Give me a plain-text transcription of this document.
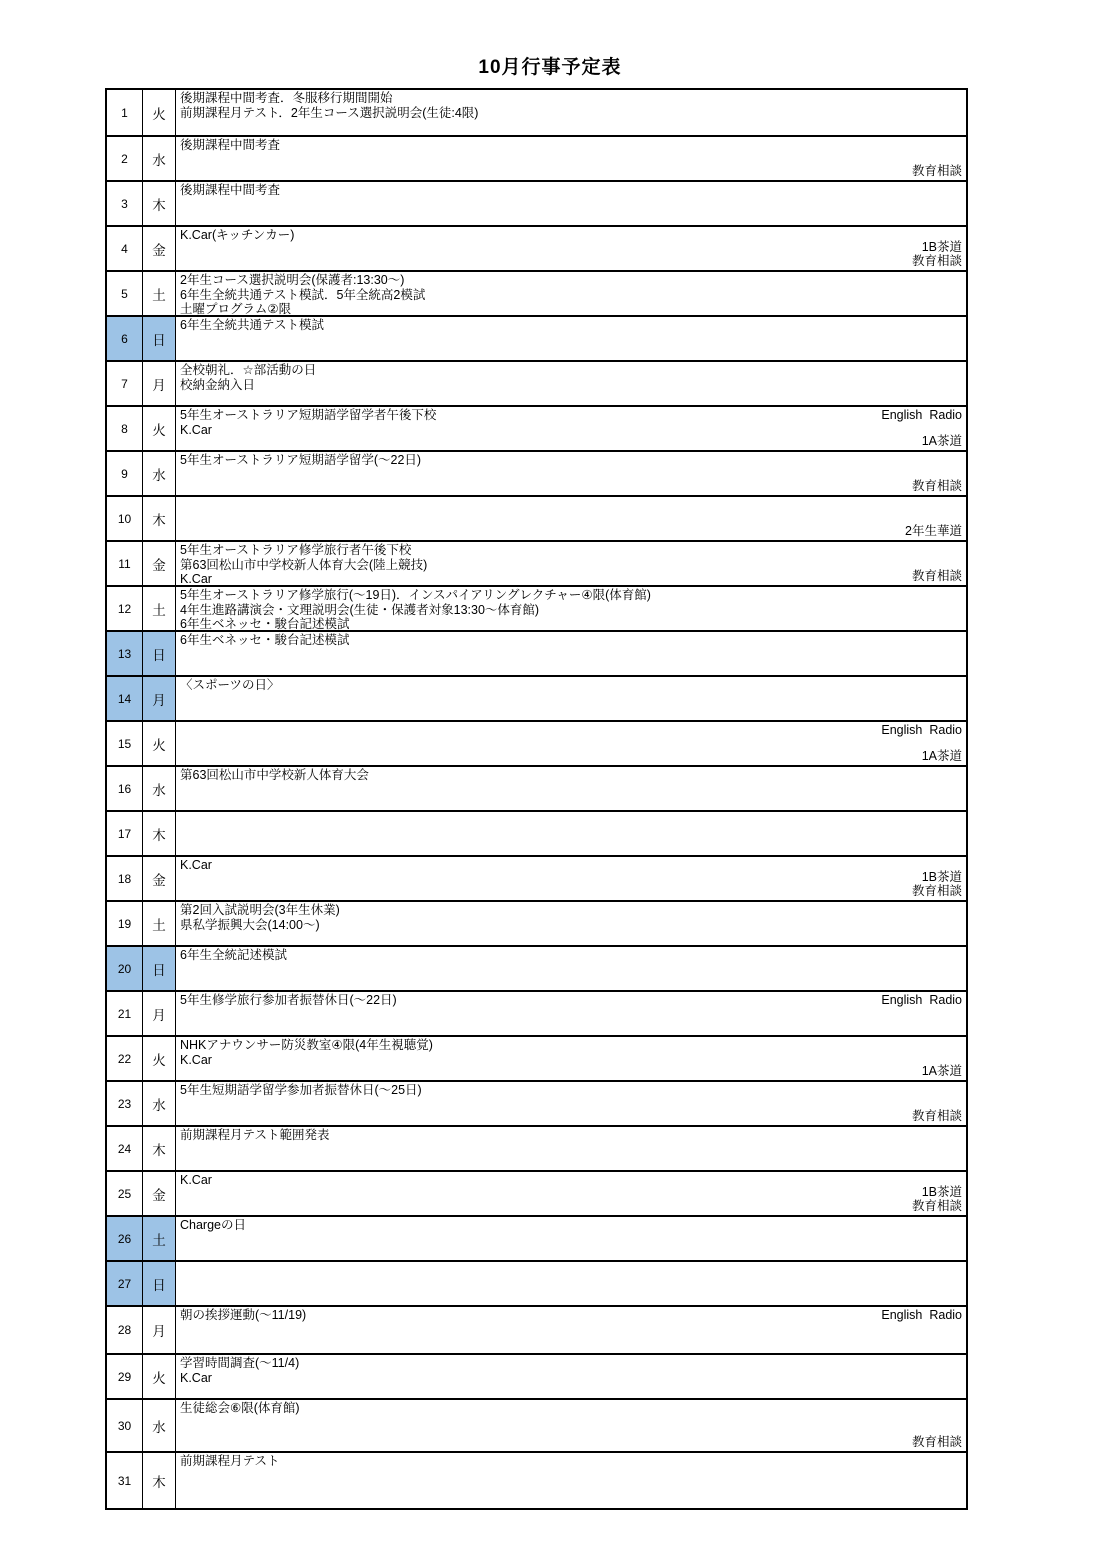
10月行事予定表
1 火
後期課程中間考査．冬服移行期間開始
前期課程月テスト．2年生コース選択説明会(生徒:4限)
2 水
後期課程中間考査
教育相談
3 木
後期課程中間考査
4 金
K.Car(キッチンカー)
1B茶道
教育相談
5 土
2年生コース選択説明会(保護者:13:30～)
6年生全統共通テスト模試．5年全統高2模試
土曜プログラム②限
6 日
6年生全統共通テスト模試
7 月
全校朝礼．☆部活動の日
校納金納入日
8 火
5年生オーストラリア短期語学留学者午後下校
K.Car
English  Radio
1A茶道
9 水
5年生オーストラリア短期語学留学(～22日)
教育相談
10 木
2年生華道
11 金
5年生オーストラリア修学旅行者午後下校
第63回松山市中学校新人体育大会(陸上競技)
K.Car	教育相談
12 土
5年生オーストラリア修学旅行(～19日)．インスパイアリングレクチャー④限(体育館)
4年生進路講演会・文理説明会(生徒・保護者対象13:30～体育館)
6年生ベネッセ・駿台記述模試
13 日
6年生ベネッセ・駿台記述模試
14 月
〈スポーツの日〉
15 火
English  Radio
1A茶道
16 水
第63回松山市中学校新人体育大会
17 木
18 金
K.Car
1B茶道
教育相談
19 土
第2回入試説明会(3年生休業)
県私学振興大会(14:00～)
20 日
6年生全統記述模試
21 月
5年生修学旅行参加者振替休日(～22日)	English  Radio
22 火
NHKアナウンサー防災教室④限(4年生視聴覚)
K.Car
1A茶道
23 水
5年生短期語学留学参加者振替休日(～25日)
教育相談
24 木
前期課程月テスト範囲発表
25 金
K.Car
1B茶道
教育相談
26 土
Chargeの日
27 日
28 月
朝の挨拶運動(～11/19)	English  Radio
29 火
学習時間調査(～11/4)
K.Car
30 水
生徒総会⑥限(体育館)
教育相談
31 木
前期課程月テスト
